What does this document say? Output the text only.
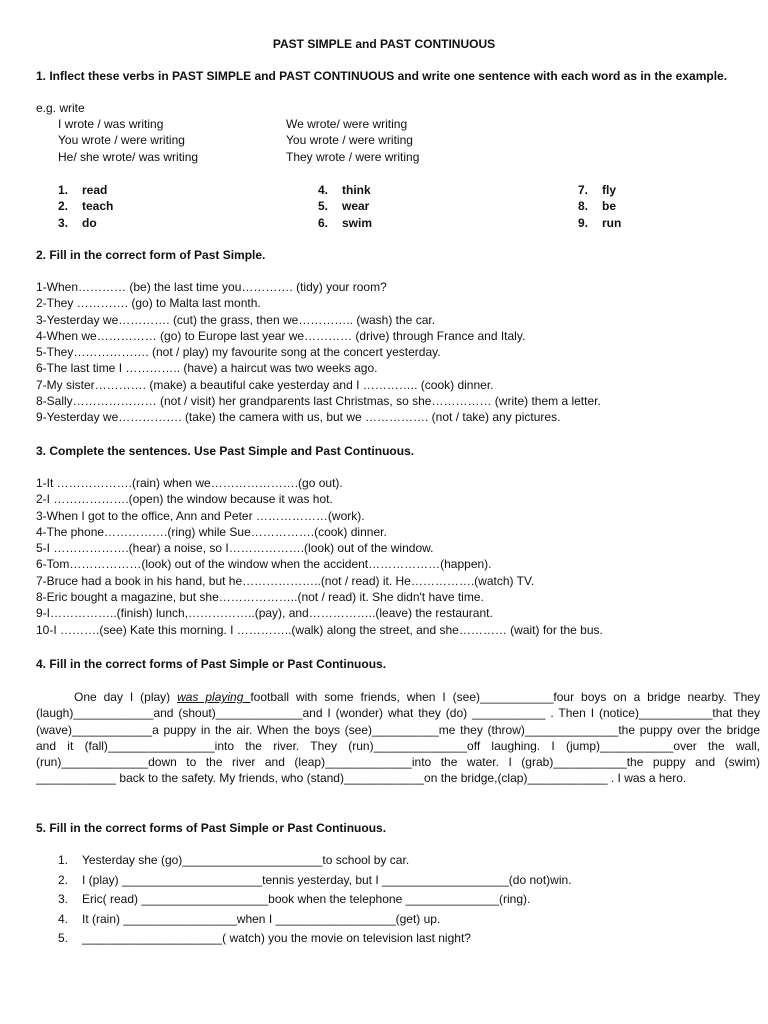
PAST SIMPLE and PAST CONTINUOUS
1. Inflect these verbs in PAST SIMPLE and PAST CONTINUOUS and write one sentence with each word as in the example.
e.g. write
I wrote / was writing	We wrote/ were writing
You wrote / were writing	You wrote / were writing
He/ she wrote/ was writing	They wrote / were writing
1. read	4. think	7. fly
2. teach	5. wear	8. be
3. do	6. swim	9. run
2. Fill in the correct form of Past Simple.
1-When………… (be) the last time you…………. (tidy) your room?
2-They …………. (go) to Malta last month.
3-Yesterday we…………. (cut) the grass, then we………….. (wash) the car.
4-When we…………… (go) to Europe last year we………… (drive) through France and Italy.
5-They………………. (not / play) my favourite song at the concert yesterday.
6-The last time I ………….. (have) a haircut was two weeks ago.
7-My sister…………. (make) a beautiful cake yesterday and I ………….. (cook) dinner.
8-Sally………………… (not / visit) her grandparents last Christmas, so she…………… (write) them a letter.
9-Yesterday we……………. (take) the camera with us, but we ……………. (not / take) any pictures.
3. Complete the sentences. Use Past Simple and Past Continuous.
1-It ……………….(rain) when we………………….(go out).
2-I ……………….(open) the window because it was hot.
3-When I got to the office, Ann and Peter ………………(work).
4-The phone…………….(ring) while Sue…………….(cook) dinner.
5-I ……………….(hear) a noise, so I……………….(look) out of the window.
6-Tom………………(look) out of the window when the accident………………(happen).
7-Bruce had a book in his hand, but he………………..(not / read) it. He…………….(watch) TV.
8-Eric bought a magazine, but she………………..(not / read) it. She didn't have time.
9-I……………..(finish) lunch,……………..(pay), and……………..(leave) the restaurant.
10-I ……….(see) Kate this morning. I …………..(walk) along the street, and she………… (wait) for the bus.
4. Fill in the correct forms of Past Simple or Past Continuous.
One day I (play) was playing football with some friends, when I (see)___________four boys on a bridge nearby. They (laugh)____________and (shout)_____________and I (wonder) what they (do) ___________ . Then I (notice)___________that they (wave)____________a puppy in the air. When the boys (see)__________me they (throw)______________the puppy over the bridge and it (fall)________________into the river. They (run)______________off laughing. I (jump)___________over the wall,(run)_____________down to the river and (leap)_____________into the water. I (grab)___________the puppy and (swim) ____________ back to the safety. My friends, who (stand)____________on the bridge,(clap)____________ . I was a hero.
5. Fill in the correct forms of Past Simple or Past Continuous.
1. Yesterday she (go)_____________________to school by car.
2. I (play) _____________________tennis yesterday, but I ___________________(do not)win.
3. Eric( read) ___________________book when the telephone ______________(ring).
4. It (rain) _________________when I __________________(get) up.
5. _____________________( watch) you the movie on television last night?
